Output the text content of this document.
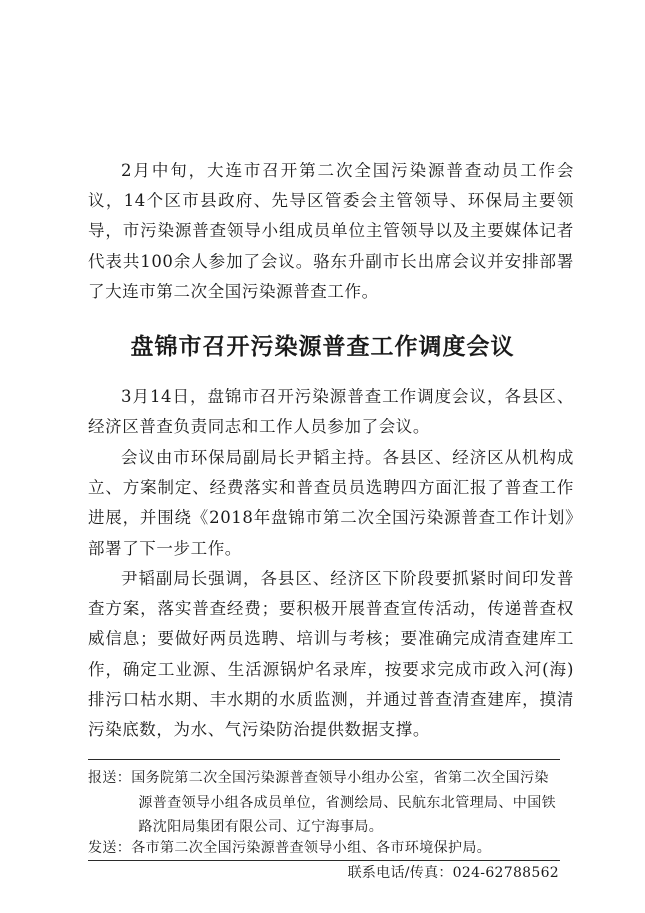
2月中旬，大连市召开第二次全国污染源普查动员工作会议，14个区市县政府、先导区管委会主管领导、环保局主要领导，市污染源普查领导小组成员单位主管领导以及主要媒体记者代表共100余人参加了会议。骆东升副市长出席会议并安排部署了大连市第二次全国污染源普查工作。

盘锦市召开污染源普查工作调度会议

3月14日，盘锦市召开污染源普查工作调度会议，各县区、经济区普查负责同志和工作人员参加了会议。

会议由市环保局副局长尹韬主持。各县区、经济区从机构成立、方案制定、经费落实和普查员员选聘四方面汇报了普查工作进展，并围绕《2018年盘锦市第二次全国污染源普查工作计划》部署了下一步工作。

尹韬副局长强调，各县区、经济区下阶段要抓紧时间印发普查方案，落实普查经费；要积极开展普查宣传活动，传递普查权威信息；要做好两员选聘、培训与考核；要准确完成清查建库工作，确定工业源、生活源锅炉名录库，按要求完成市政入河(海)排污口枯水期、丰水期的水质监测，并通过普查清查建库，摸清污染底数，为水、气污染防治提供数据支撑。

报送：国务院第二次全国污染源普查领导小组办公室，省第二次全国污染源普查领导小组各成员单位，省测绘局、民航东北管理局、中国铁路沈阳局集团有限公司、辽宁海事局。
发送：各市第二次全国污染源普查领导小组、各市环境保护局。
联系电话/传真：024-62788562
